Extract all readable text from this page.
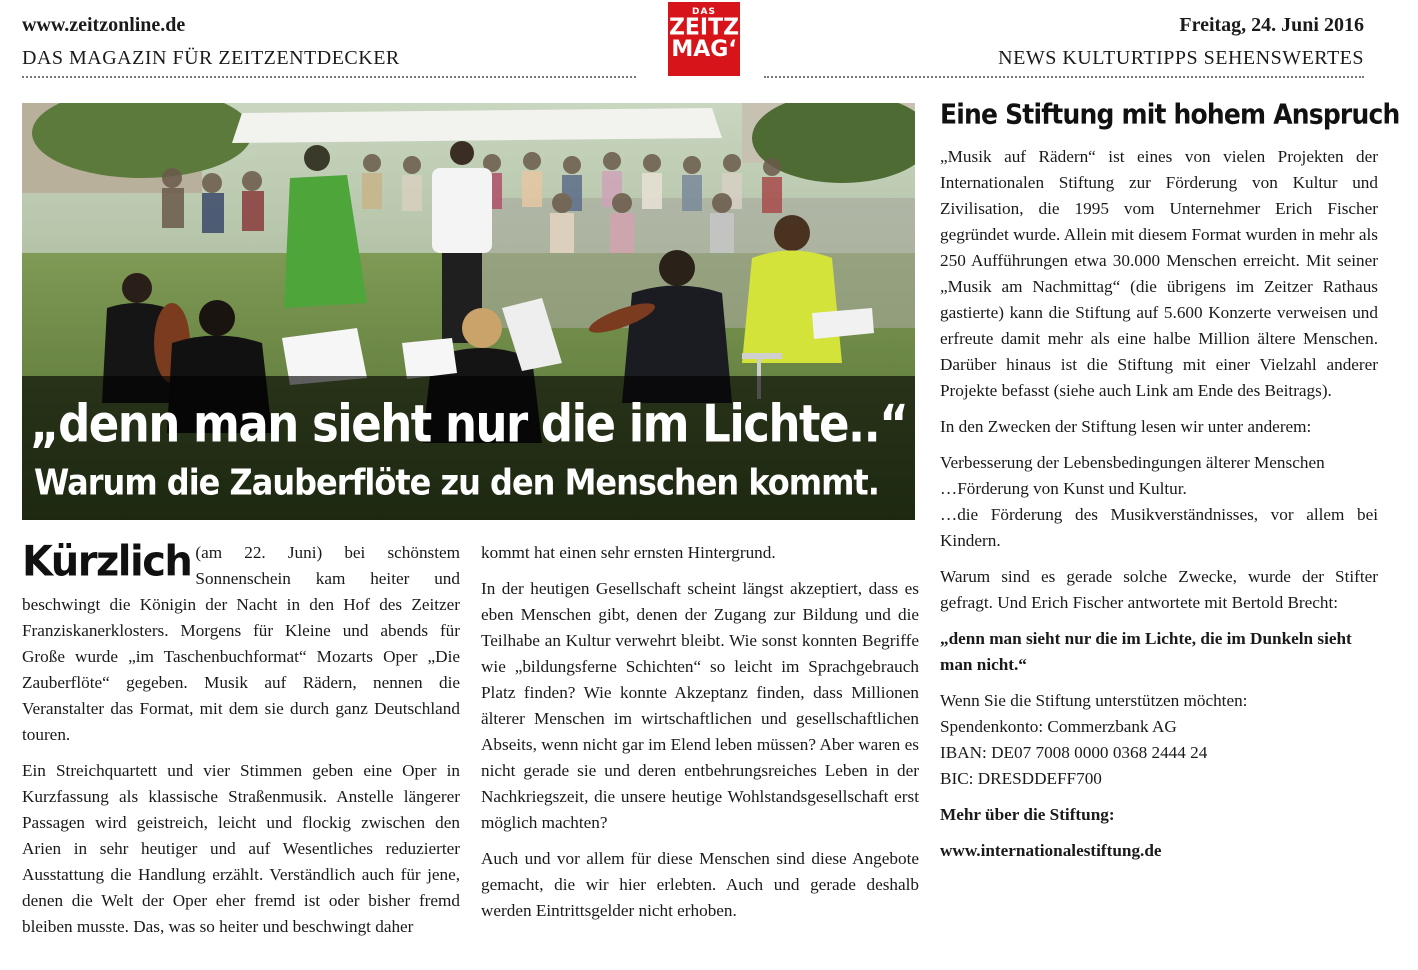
www.zeitzonline.de
DAS MAGAZIN FÜR ZEITZENTDECKER
Freitag, 24. Juni 2016
NEWS KULTURTIPPS SEHENSWERTES
DAS
ZEITZ
MAG‘
„denn man sieht nur die im Lichte..“
Warum die Zauberflöte zu den Menschen kommt.

Kürzlich (am 22. Juni) bei schönstem Sonnenschein kam heiter und beschwingt die Königin der Nacht in den Hof des Zeitzer Franziskanerklosters. Morgens für Kleine und abends für Große wurde „im Taschenbuchformat“ Mozarts Oper „Die Zauberflöte“ gegeben. Musik auf Rädern, nennen die Veranstalter das Format, mit dem sie durch ganz Deutschland touren.

Ein Streichquartett und vier Stimmen geben eine Oper in Kurzfassung als klassische Straßenmusik. Anstelle längerer Passagen wird geistreich, leicht und flockig zwischen den Arien in sehr heutiger und auf Wesentliches reduzierter Ausstattung die Handlung erzählt. Verständlich auch für jene, denen die Welt der Oper eher fremd ist oder bisher fremd bleiben musste. Das, was so heiter und beschwingt daher

kommt hat einen sehr ernsten Hintergrund.

In der heutigen Gesellschaft scheint längst akzeptiert, dass es eben Menschen gibt, denen der Zugang zur Bildung und die Teilhabe an Kultur verwehrt bleibt. Wie sonst konnten Begriffe wie „bildungsferne Schichten“ so leicht im Sprachgebrauch Platz finden? Wie konnte Akzeptanz finden, dass Millionen älterer Menschen im wirtschaftlichen und gesellschaftlichen Abseits, wenn nicht gar im Elend leben müssen? Aber waren es nicht gerade sie und deren entbehrungsreiches Leben in der Nachkriegszeit, die unsere heutige Wohlstandsgesellschaft erst möglich machten?

Auch und vor allem für diese Menschen sind diese Angebote gemacht, die wir hier erlebten. Auch und gerade deshalb werden Eintrittsgelder nicht erhoben.

Eine Stiftung mit hohem Anspruch

„Musik auf Rädern“ ist eines von vielen Projekten der Internationalen Stiftung zur Förderung von Kultur und Zivilisation, die 1995 vom Unternehmer Erich Fischer gegründet wurde. Allein mit diesem Format wurden in mehr als 250 Aufführungen etwa 30.000 Menschen erreicht. Mit seiner „Musik am Nachmittag“ (die übrigens im Zeitzer Rathaus gastierte) kann die Stiftung auf 5.600 Konzerte verweisen und erfreute damit mehr als eine halbe Million ältere Menschen. Darüber hinaus ist die Stiftung mit einer Vielzahl anderer Projekte befasst (siehe auch Link am Ende des Beitrags).

In den Zwecken der Stiftung lesen wir unter anderem:

Verbesserung der Lebensbedingungen älterer Menschen

…Förderung von Kunst und Kultur.

…die Förderung des Musikverständnisses, vor allem bei Kindern.

Warum sind es gerade solche Zwecke, wurde der Stifter gefragt. Und Erich Fischer antwortete mit Bertold Brecht:

„denn man sieht nur die im Lichte, die im Dunkeln sieht man nicht.“

Wenn Sie die Stiftung unterstützen möchten:

Spendenkonto: Commerzbank AG

IBAN: DE07 7008 0000 0368 2444 24

BIC: DRESDDEFF700

Mehr über die Stiftung:

www.internationalestiftung.de
